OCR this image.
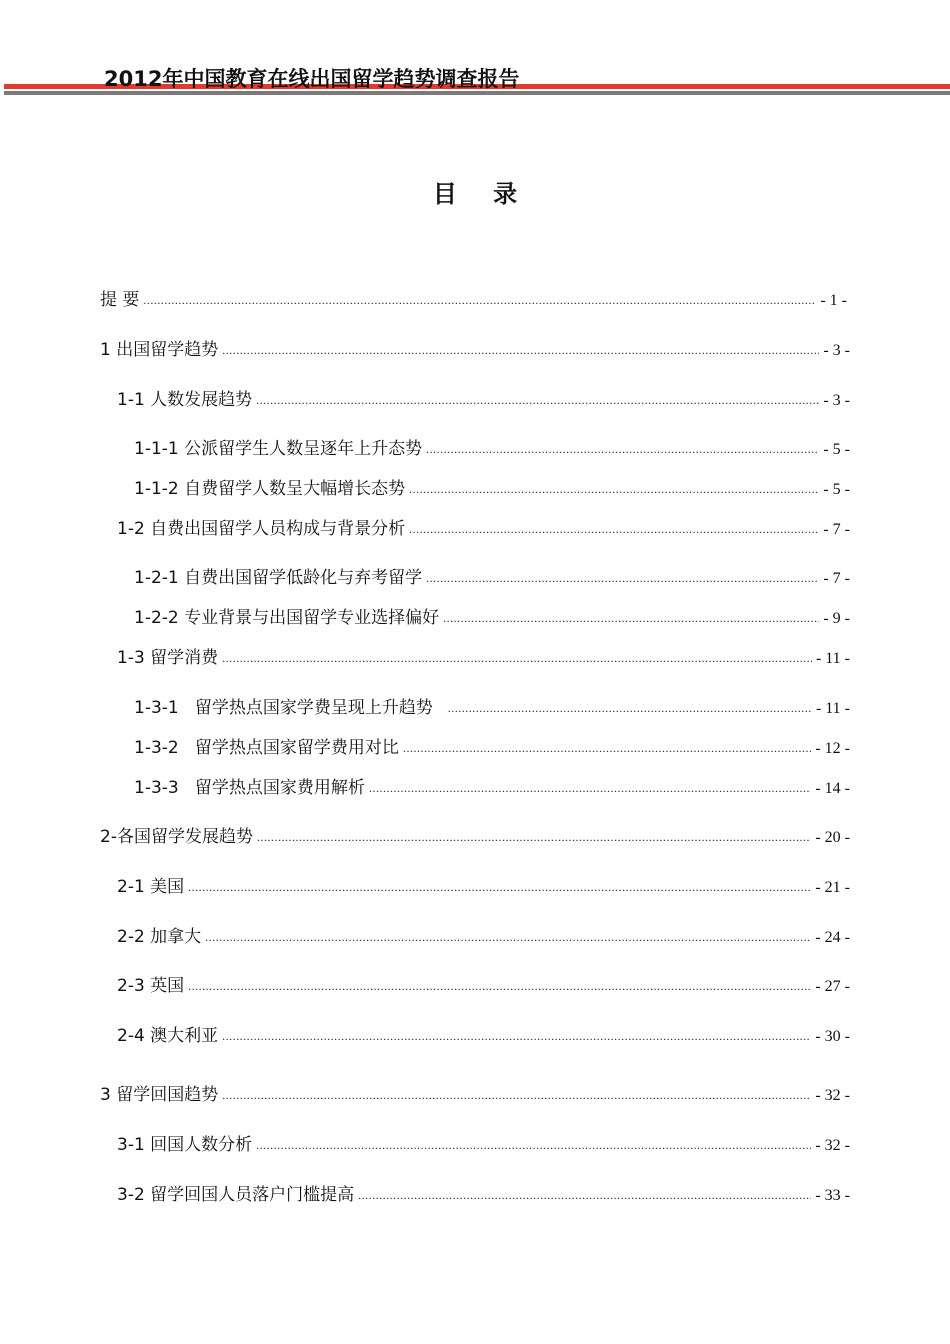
2012年中国教育在线出国留学趋势调查报告
目 录
提 要 .....	- 1 -
1 出国留学趋势 .....	- 3 -
1-1 人数发展趋势 .....	- 3 -
1-1-1 公派留学生人数呈逐年上升态势 .....	- 5 -
1-1-2 自费留学人数呈大幅增长态势 .....	- 5 -
1-2 自费出国留学人员构成与背景分析 .....	- 7 -
1-2-1 自费出国留学低龄化与弃考留学 .....	- 7 -
1-2-2 专业背景与出国留学专业选择偏好 .....	- 9 -
1-3 留学消费 .....	- 11 -
1-3-1   留学热点国家学费呈现上升趋势 .....	- 11 -
1-3-2   留学热点国家留学费用对比 .....	- 12 -
1-3-3   留学热点国家费用解析 .....	- 14 -
2-各国留学发展趋势 .....	- 20 -
2-1 美国 .....	- 21 -
2-2 加拿大 .....	- 24 -
2-3 英国 .....	- 27 -
2-4 澳大利亚 .....	- 30 -
3 留学回国趋势 .....	- 32 -
3-1 回国人数分析 .....	- 32 -
3-2 留学回国人员落户门槛提高 .....	- 33 -
